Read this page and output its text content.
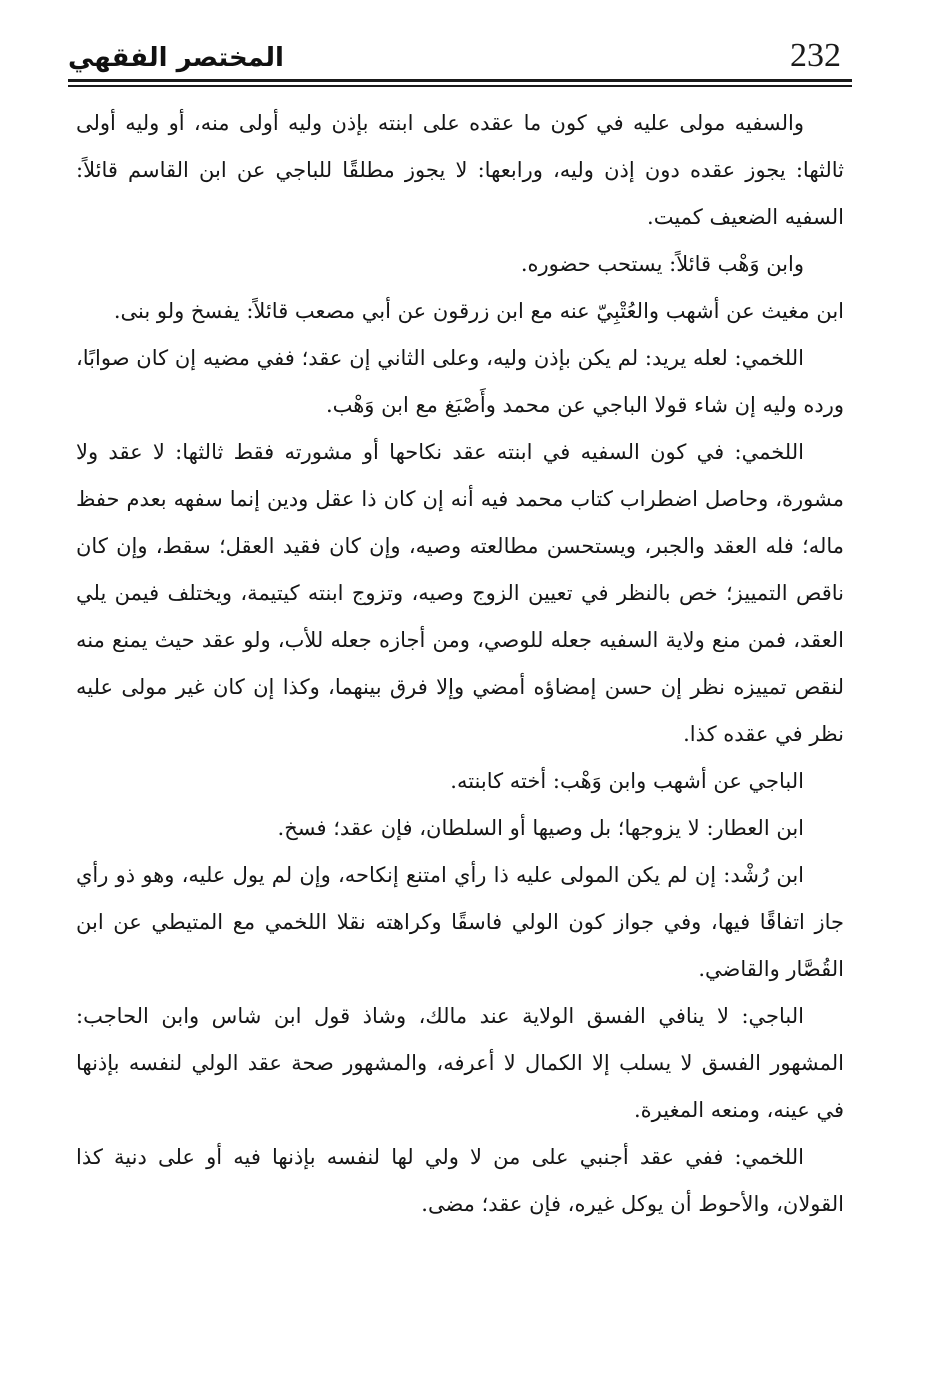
المختصر الفقهي	232

والسفيه مولى عليه في كون ما عقده على ابنته بإذن وليه أولى منه، أو وليه أولى ثالثها: يجوز عقده دون إذن وليه، ورابعها: لا يجوز مطلقًا للباجي عن ابن القاسم قائلاً: السفيه الضعيف كميت.

وابن وَهْب قائلاً: يستحب حضوره.

ابن مغيث عن أشهب والعُتْبِيّ عنه مع ابن زرقون عن أبي مصعب قائلاً: يفسخ ولو بنى.

اللخمي: لعله يريد: لم يكن بإذن وليه، وعلى الثاني إن عقد؛ ففي مضيه إن كان صوابًا، ورده وليه إن شاء قولا الباجي عن محمد وأَصْبَغ مع ابن وَهْب.

اللخمي: في كون السفيه في ابنته عقد نكاحها أو مشورته فقط ثالثها: لا عقد ولا مشورة، وحاصل اضطراب كتاب محمد فيه أنه إن كان ذا عقل ودين إنما سفهه بعدم حفظ ماله؛ فله العقد والجبر، ويستحسن مطالعته وصيه، وإن كان فقيد العقل؛ سقط، وإن كان ناقص التمييز؛ خص بالنظر في تعيين الزوج وصيه، وتزوج ابنته كيتيمة، ويختلف فيمن يلي العقد، فمن منع ولاية السفيه جعله للوصي، ومن أجازه جعله للأب، ولو عقد حيث يمنع منه لنقص تمييزه نظر إن حسن إمضاؤه أمضي وإلا فرق بينهما، وكذا إن كان غير مولى عليه نظر في عقده كذا.

الباجي عن أشهب وابن وَهْب: أخته كابنته.

ابن العطار: لا يزوجها؛ بل وصيها أو السلطان، فإن عقد؛ فسخ.

ابن رُشْد: إن لم يكن المولى عليه ذا رأي امتنع إنكاحه، وإن لم يول عليه، وهو ذو رأي جاز اتفاقًا فيها، وفي جواز كون الولي فاسقًا وكراهته نقلا اللخمي مع المتيطي عن ابن القُصَّار والقاضي.

الباجي: لا ينافي الفسق الولاية عند مالك، وشاذ قول ابن شاس وابن الحاجب: المشهور الفسق لا يسلب إلا الكمال لا أعرفه، والمشهور صحة عقد الولي لنفسه بإذنها في عينه، ومنعه المغيرة.

اللخمي: ففي عقد أجنبي على من لا ولي لها لنفسه بإذنها فيه أو على دنية كذا القولان، والأحوط أن يوكل غيره، فإن عقد؛ مضى.
